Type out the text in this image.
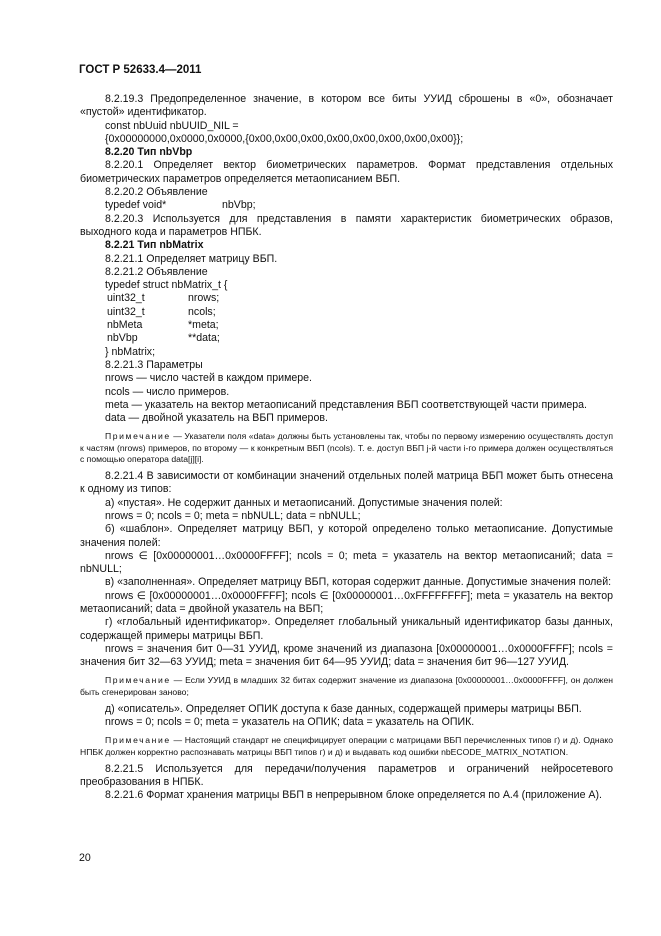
ГОСТ Р 52633.4—2011

8.2.19.3 Предопределенное значение, в котором все биты УУИД сброшены в «0», обозначает «пустой» идентификатор.

const nbUuid nbUUID_NIL =

{0x00000000,0x0000,0x0000,{0x00,0x00,0x00,0x00,0x00,0x00,0x00,0x00}};

8.2.20 Тип nbVbp

8.2.20.1 Определяет вектор биометрических параметров. Формат представления отдельных биометрических параметров определяется метаописанием ВБП.

8.2.20.2 Объявление

typedef void*	nbVbp;

8.2.20.3 Используется для представления в памяти характеристик биометрических образов, выходного кода и параметров НПБК.

8.2.21 Тип nbMatrix

8.2.21.1 Определяет матрицу ВБП.

8.2.21.2 Объявление

typedef struct nbMatrix_t {

uint32_t	nrows;
uint32_t	ncols;
nbMeta	*meta;
nbVbp	**data;

} nbMatrix;

8.2.21.3 Параметры

nrows — число частей в каждом примере.

ncols — число примеров.

meta — указатель на вектор метаописаний представления ВБП соответствующей части примера.

data — двойной указатель на ВБП примеров.

Примечание — Указатели поля «data» должны быть установлены так, чтобы по первому измерению осуществлять доступ к частям (nrows) примеров, по второму — к конкретным ВБП (ncols). Т. е. доступ ВБП j-й части i-го примера должен осуществляться с помощью оператора data[j][i].

8.2.21.4 В зависимости от комбинации значений отдельных полей матрица ВБП может быть отнесена к одному из типов:

а) «пустая». Не содержит данных и метаописаний. Допустимые значения полей:

nrows = 0; ncols = 0; meta = nbNULL; data = nbNULL;

б) «шаблон». Определяет матрицу ВБП, у которой определено только метаописание. Допустимые значения полей:

nrows ∈ [0x00000001…0x0000FFFF]; ncols = 0; meta = указатель на вектор метаописаний; data = nbNULL;

в) «заполненная». Определяет матрицу ВБП, которая содержит данные. Допустимые значения полей:

nrows ∈ [0x00000001…0x0000FFFF]; ncols ∈ [0x00000001…0xFFFFFFFF]; meta = указатель на вектор метаописаний; data = двойной указатель на ВБП;

г) «глобальный идентификатор». Определяет глобальный уникальный идентификатор базы данных, содержащей примеры матрицы ВБП.

nrows = значения бит 0—31 УУИД, кроме значений из диапазона [0x00000001…0x0000FFFF]; ncols = значения бит 32—63 УУИД; meta = значения бит 64—95 УУИД; data = значения бит 96—127 УУИД.

Примечание — Если УУИД в младших 32 битах содержит значение из диапазона [0x00000001…0x0000FFFF], он должен быть сгенерирован заново;

д) «описатель». Определяет ОПИК доступа к базе данных, содержащей примеры матрицы ВБП.

nrows = 0; ncols = 0; meta = указатель на ОПИК; data = указатель на ОПИК.

Примечание — Настоящий стандарт не специфицирует операции с матрицами ВБП перечисленных типов г) и д). Однако НПБК должен корректно распознавать матрицы ВБП типов г) и д) и выдавать код ошибки nbECODE_MATRIX_NOTATION.

8.2.21.5 Используется для передачи/получения параметров и ограничений нейросетевого преобразования в НПБК.

8.2.21.6 Формат хранения матрицы ВБП в непрерывном блоке определяется по А.4 (приложение А).

20
